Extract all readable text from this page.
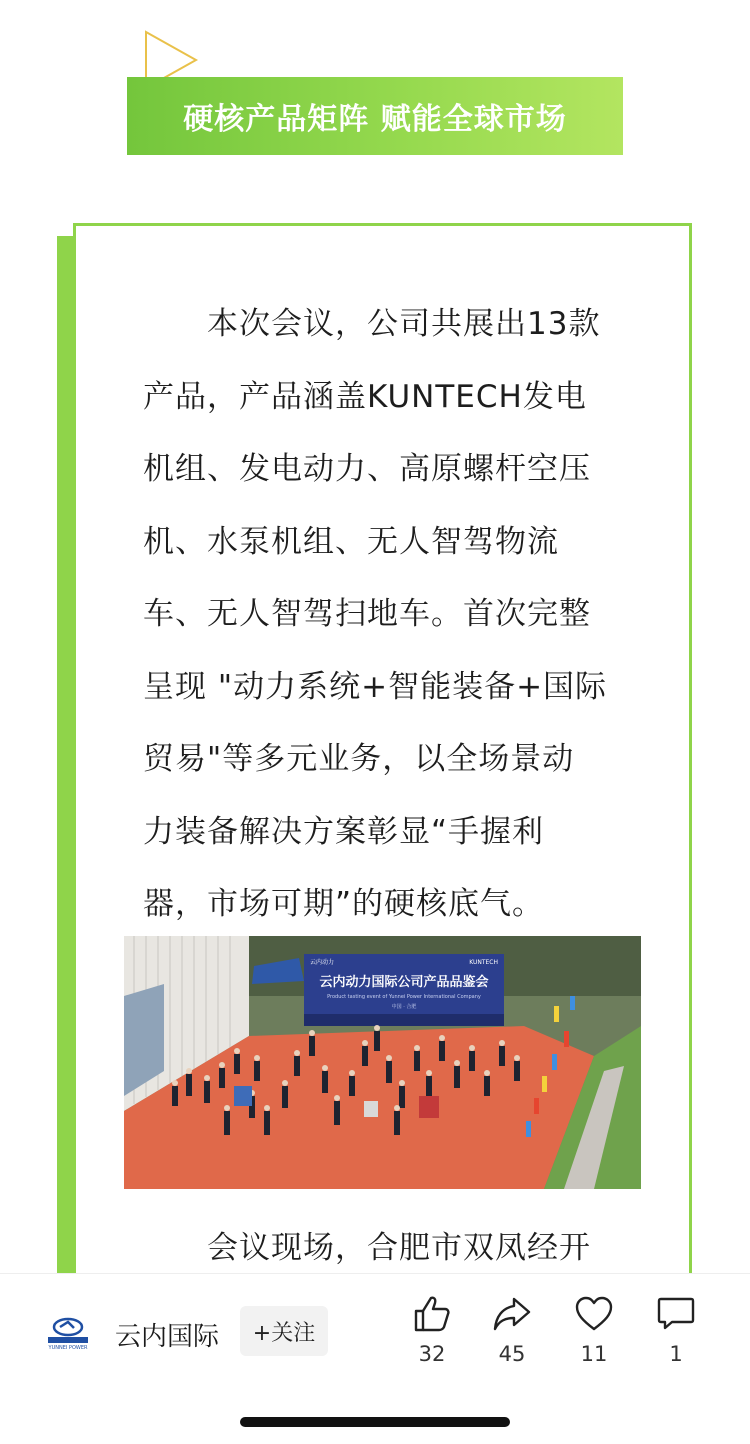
硬核产品矩阵 赋能全球市场
本次会议，公司共展出13款
产品，产品涵盖KUNTECH发电
机组、发电动力、高原螺杆空压
机、水泵机组、无人智驾物流
车、无人智驾扫地车。首次完整
呈现 "动力系统+智能装备+国际
贸易"等多元业务，以全场景动
力装备解决方案彰显“手握利
器，市场可期”的硬核底气。
云内动力国际公司产品品鉴会
Product tasting event of Yunnei Power International Company
云内动力	KUNTECH
中国 · 合肥
会议现场，合肥市双凤经开
YUNNEI POWER 云内国际	+关注
32	45	11	1
